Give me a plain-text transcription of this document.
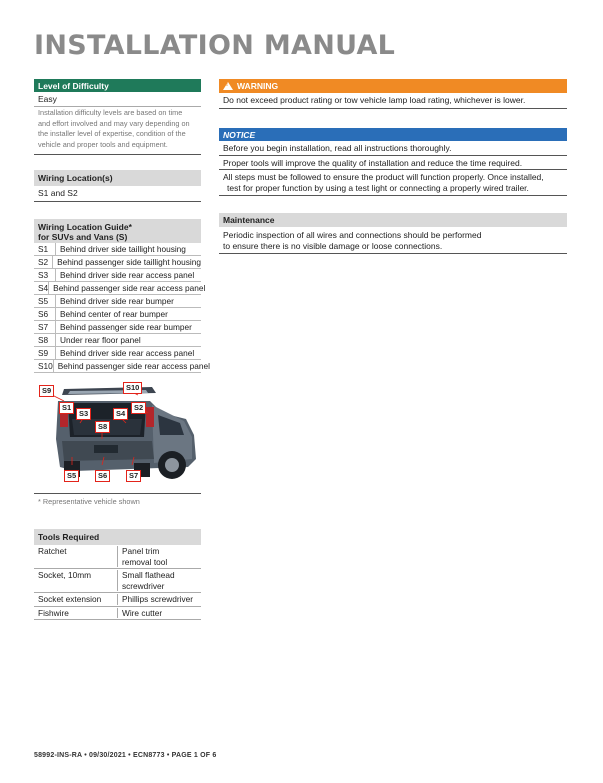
INSTALLATION MANUAL
Level of Difficulty
Easy
Installation difficulty levels are based on time
and effort involved and may vary depending on
the installer level of expertise, condition of the
vehicle and proper tools and equipment.
Wiring Location(s)
S1 and S2
Wiring Location Guide*
for SUVs and Vans (S)
S1	Behind driver side taillight housing
S2	Behind passenger side taillight housing
S3	Behind driver side rear access panel
S4 Behind passenger side rear access panel
S5	Behind driver side rear bumper
S6	Behind center of rear bumper
S7	Behind passenger side rear bumper
S8	Under rear floor panel
S9	Behind driver side rear access panel
S10 Behind passenger side rear access panel
S9	S10
S1	S2
S3	S4
S8
S5	S6	S7
* Representative vehicle shown
Tools Required
Ratchet	Panel trim
removal tool
Socket, 10mm	Small flathead
screwdriver
Socket extension	Phillips screwdriver
Fishwire	Wire cutter
! WARNING
Do not exceed product rating or tow vehicle lamp load rating, whichever is lower.
NOTICE
Before you begin installation, read all instructions thoroughly.
Proper tools will improve the quality of installation and reduce the time required.
All steps must be followed to ensure the product will function properly. Once installed,
test for proper function by using a test light or connecting a properly wired trailer.
Maintenance
Periodic inspection of all wires and connections should be performed
to ensure there is no visible damage or loose connections.
58992-INS-RA • 09/30/2021 • ECN8773 • PAGE 1 OF 6
